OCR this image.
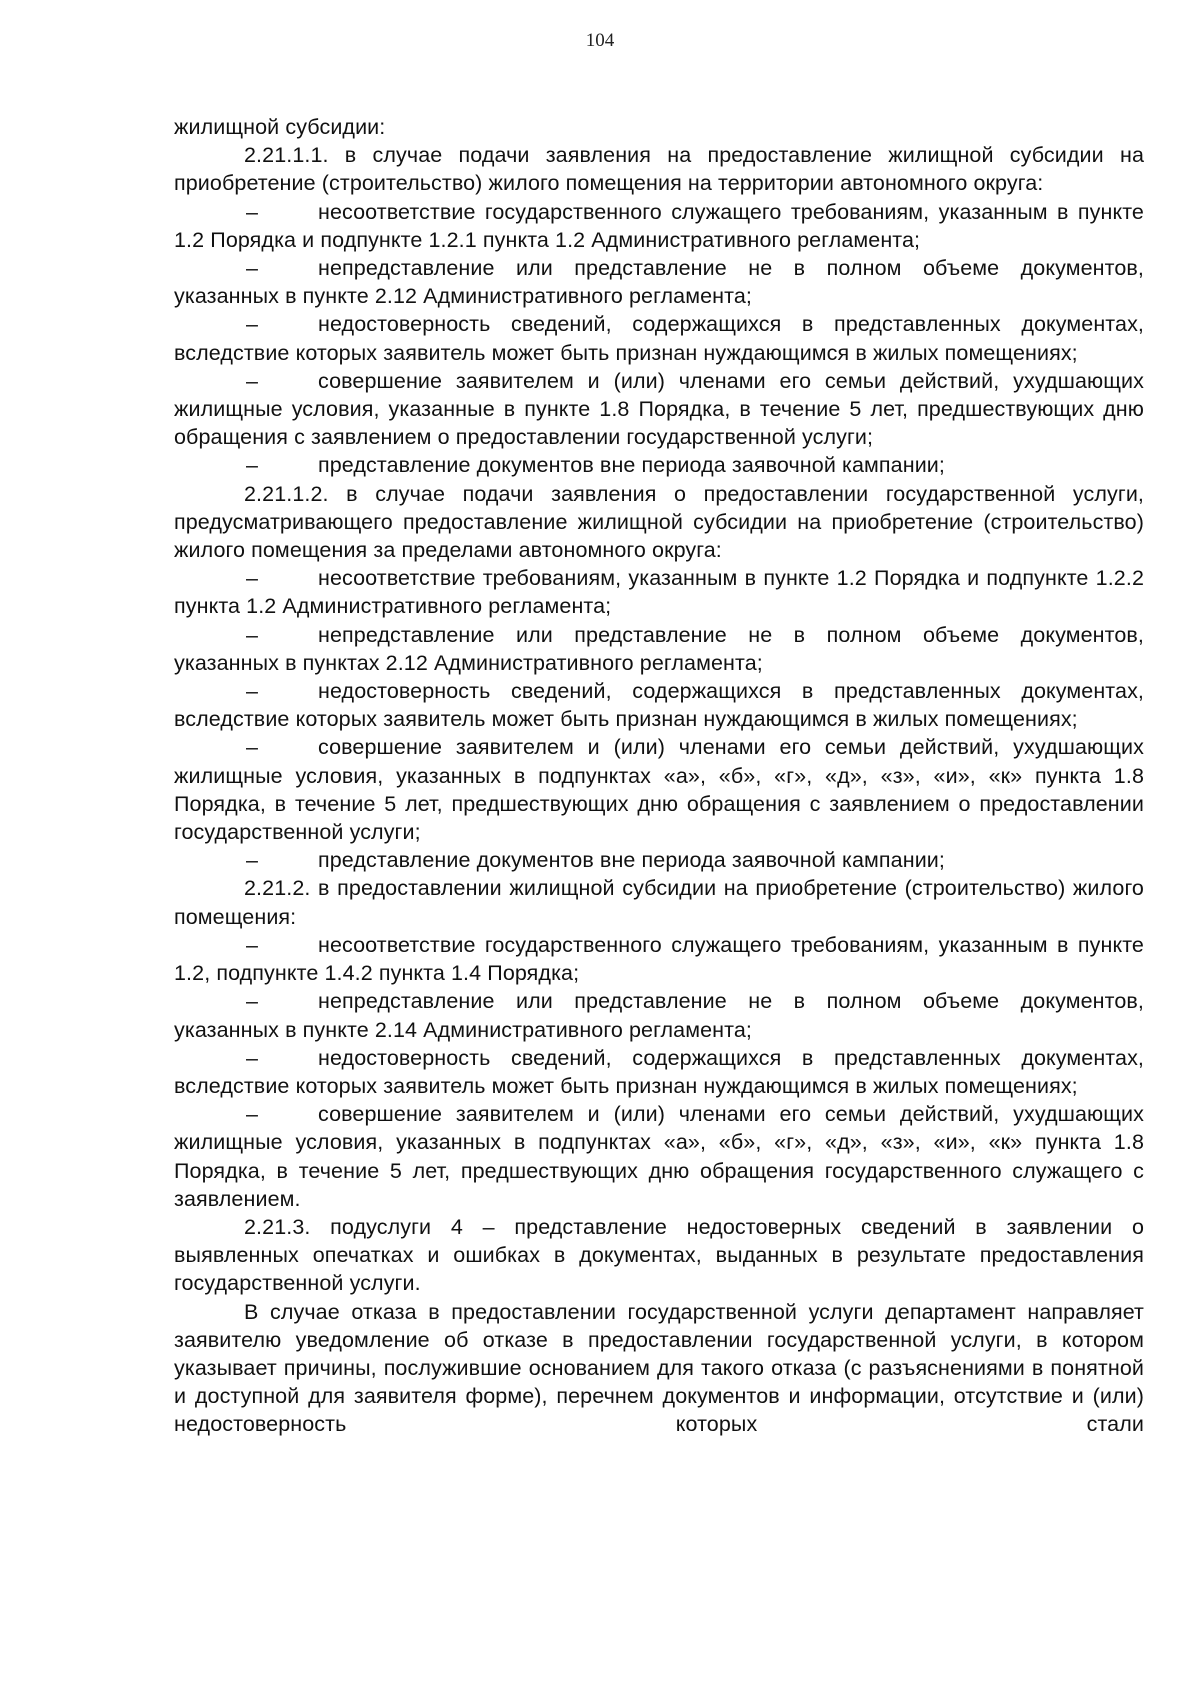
104

жилищной субсидии:

2.21.1.1. в случае подачи заявления на предоставление жилищной субсидии на приобретение (строительство) жилого помещения на территории автономного округа:

–	несоответствие государственного служащего требованиям, указанным в пункте 1.2 Порядка и подпункте 1.2.1 пункта 1.2 Административного регламента;

–	непредставление или представление не в полном объеме документов, указанных в пункте 2.12 Административного регламента;

–	недостоверность сведений, содержащихся в представленных документах, вследствие которых заявитель может быть признан нуждающимся в жилых помещениях;

–	совершение заявителем и (или) членами его семьи действий, ухудшающих жилищные условия, указанные в пункте 1.8 Порядка, в течение 5 лет, предшествующих дню обращения с заявлением о предоставлении государственной услуги;

–	представление документов вне периода заявочной кампании;

2.21.1.2. в случае подачи заявления о предоставлении государственной услуги, предусматривающего предоставление жилищной субсидии на приобретение (строительство) жилого помещения за пределами автономного округа:

–	несоответствие требованиям, указанным в пункте 1.2 Порядка и подпункте 1.2.2 пункта 1.2 Административного регламента;

–	непредставление или представление не в полном объеме документов, указанных в пунктах 2.12 Административного регламента;

–	недостоверность сведений, содержащихся в представленных документах, вследствие которых заявитель может быть признан нуждающимся в жилых помещениях;

–	совершение заявителем и (или) членами его семьи действий, ухудшающих жилищные условия, указанных в подпунктах «а», «б», «г», «д», «з», «и», «к» пункта 1.8 Порядка, в течение 5 лет, предшествующих дню обращения с заявлением о предоставлении государственной услуги;

–	представление документов вне периода заявочной кампании;

2.21.2. в предоставлении жилищной субсидии на приобретение (строительство) жилого помещения:

–	несоответствие государственного служащего требованиям, указанным в пункте 1.2, подпункте 1.4.2 пункта 1.4 Порядка;

–	непредставление или представление не в полном объеме документов, указанных в пункте 2.14 Административного регламента;

–	недостоверность сведений, содержащихся в представленных документах, вследствие которых заявитель может быть признан нуждающимся в жилых помещениях;

–	совершение заявителем и (или) членами его семьи действий, ухудшающих жилищные условия, указанных в подпунктах «а», «б», «г», «д», «з», «и», «к» пункта 1.8 Порядка, в течение 5 лет, предшествующих дню обращения государственного служащего с заявлением.

2.21.3. подуслуги 4 – представление недостоверных сведений в заявлении о выявленных опечатках и ошибках в документах, выданных в результате предоставления государственной услуги.

В случае отказа в предоставлении государственной услуги департамент направляет заявителю уведомление об отказе в предоставлении государственной услуги, в котором указывает причины, послужившие основанием для такого отказа (с разъяснениями в понятной и доступной для заявителя форме), перечнем документов и информации, отсутствие и (или) недостоверность которых стали
